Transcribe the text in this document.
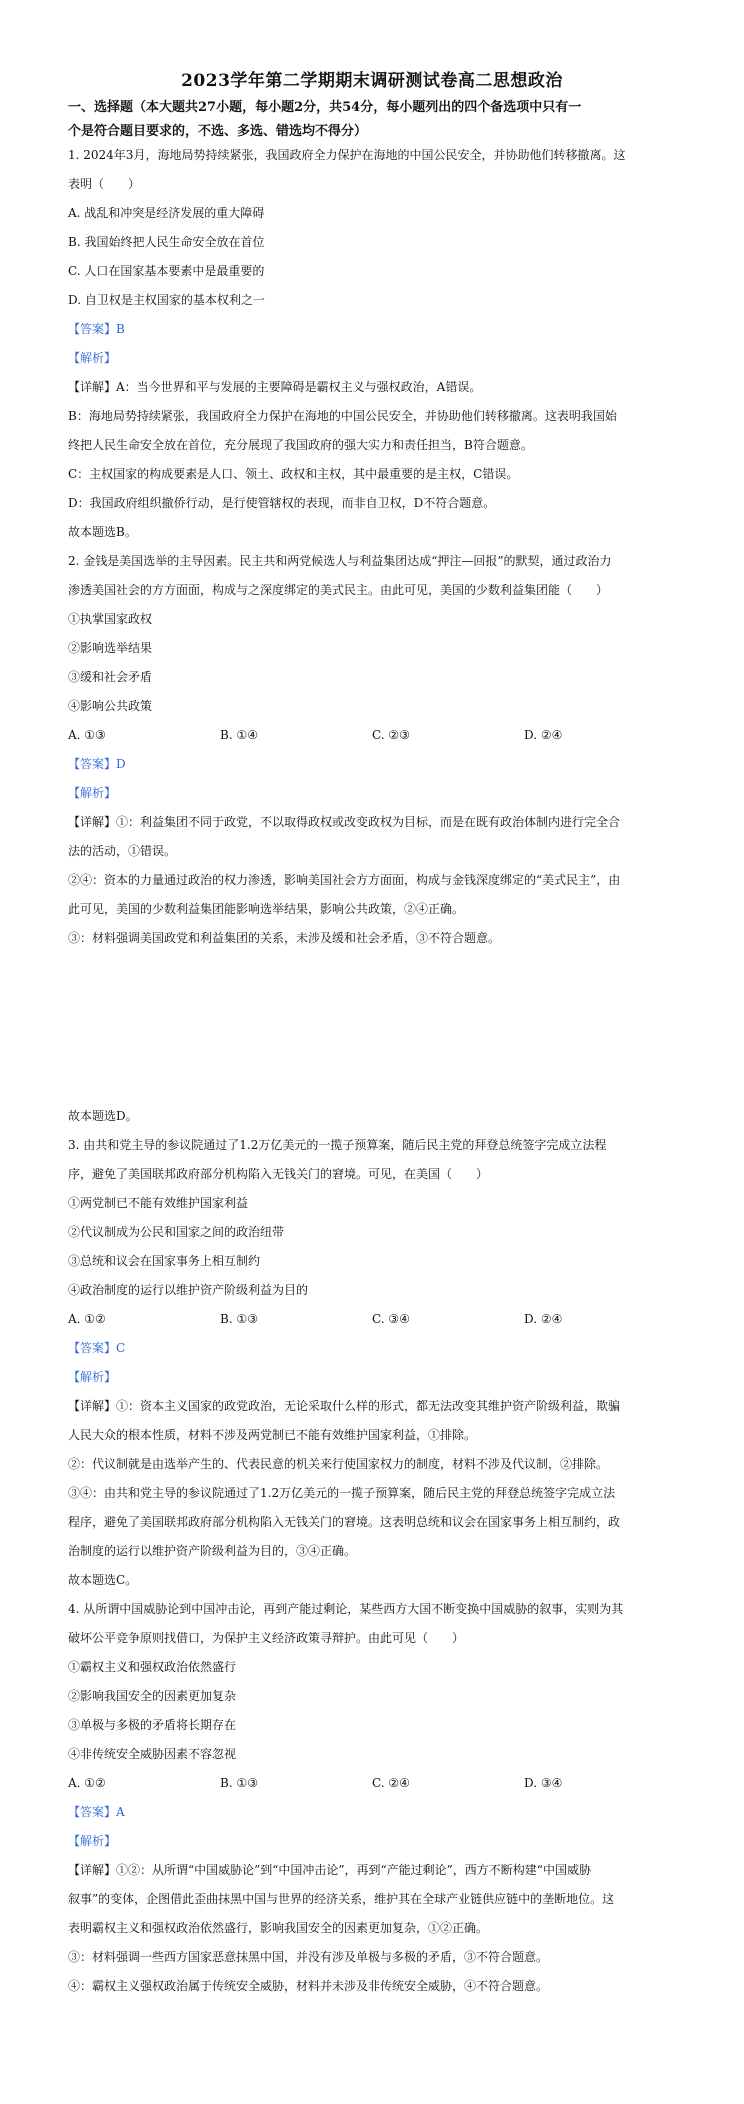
2023学年第二学期期末调研测试卷高二思想政治
一、选择题（本大题共27小题，每小题2分，共54分，每小题列出的四个备选项中只有一
个是符合题目要求的，不选、多选、错选均不得分）
1. 2024年3月，海地局势持续紧张，我国政府全力保护在海地的中国公民安全，并协助他们转移撤离。这
表明（　　）
A. 战乱和冲突是经济发展的重大障碍
B. 我国始终把人民生命安全放在首位
C. 人口在国家基本要素中是最重要的
D. 自卫权是主权国家的基本权利之一
【答案】B
【解析】
【详解】A：当今世界和平与发展的主要障碍是霸权主义与强权政治，A错误。
B：海地局势持续紧张，我国政府全力保护在海地的中国公民安全，并协助他们转移撤离。这表明我国始
终把人民生命安全放在首位，充分展现了我国政府的强大实力和责任担当，B符合题意。
C：主权国家的构成要素是人口、领土、政权和主权，其中最重要的是主权，C错误。
D：我国政府组织撤侨行动，是行使管辖权的表现，而非自卫权，D不符合题意。
故本题选B。
2. 金钱是美国选举的主导因素。民主共和两党候选人与利益集团达成“押注—回报”的默契，通过政治力
渗透美国社会的方方面面，构成与之深度绑定的美式民主。由此可见，美国的少数利益集团能（　　）
①执掌国家政权
②影响选举结果
③缓和社会矛盾
④影响公共政策
A. ①③	B. ①④	C. ②③	D. ②④
【答案】D
【解析】
【详解】①：利益集团不同于政党，不以取得政权或改变政权为目标，而是在既有政治体制内进行完全合
法的活动，①错误。
②④：资本的力量通过政治的权力渗透，影响美国社会方方面面，构成与金钱深度绑定的“美式民主”，由
此可见，美国的少数利益集团能影响选举结果，影响公共政策，②④正确。
③：材料强调美国政党和利益集团的关系，未涉及缓和社会矛盾，③不符合题意。
故本题选D。
3. 由共和党主导的参议院通过了1.2万亿美元的一揽子预算案，随后民主党的拜登总统签字完成立法程
序，避免了美国联邦政府部分机构陷入无钱关门的窘境。可见，在美国（　　）
①两党制已不能有效维护国家利益
②代议制成为公民和国家之间的政治纽带
③总统和议会在国家事务上相互制约
④政治制度的运行以维护资产阶级利益为目的
A. ①②	B. ①③	C. ③④	D. ②④
【答案】C
【解析】
【详解】①：资本主义国家的政党政治，无论采取什么样的形式，都无法改变其维护资产阶级利益，欺骗
人民大众的根本性质，材料不涉及两党制已不能有效维护国家利益，①排除。
②：代议制就是由选举产生的、代表民意的机关来行使国家权力的制度，材料不涉及代议制，②排除。
③④：由共和党主导的参议院通过了1.2万亿美元的一揽子预算案，随后民主党的拜登总统签字完成立法
程序，避免了美国联邦政府部分机构陷入无钱关门的窘境。这表明总统和议会在国家事务上相互制约，政
治制度的运行以维护资产阶级利益为目的，③④正确。
故本题选C。
4. 从所谓中国威胁论到中国冲击论，再到产能过剩论，某些西方大国不断变换中国威胁的叙事，实则为其
破坏公平竞争原则找借口，为保护主义经济政策寻辩护。由此可见（　　）
①霸权主义和强权政治依然盛行
②影响我国安全的因素更加复杂
③单极与多极的矛盾将长期存在
④非传统安全威胁因素不容忽视
A. ①②	B. ①③	C. ②④	D. ③④
【答案】A
【解析】
【详解】①②：从所谓“中国威胁论”到“中国冲击论”，再到“产能过剩论”，西方不断构建“中国威胁
叙事”的变体，企图借此歪曲抹黑中国与世界的经济关系，维护其在全球产业链供应链中的垄断地位。这
表明霸权主义和强权政治依然盛行，影响我国安全的因素更加复杂，①②正确。
③：材料强调一些西方国家恶意抹黑中国，并没有涉及单极与多极的矛盾，③不符合题意。
④：霸权主义强权政治属于传统安全威胁，材料并未涉及非传统安全威胁，④不符合题意。
